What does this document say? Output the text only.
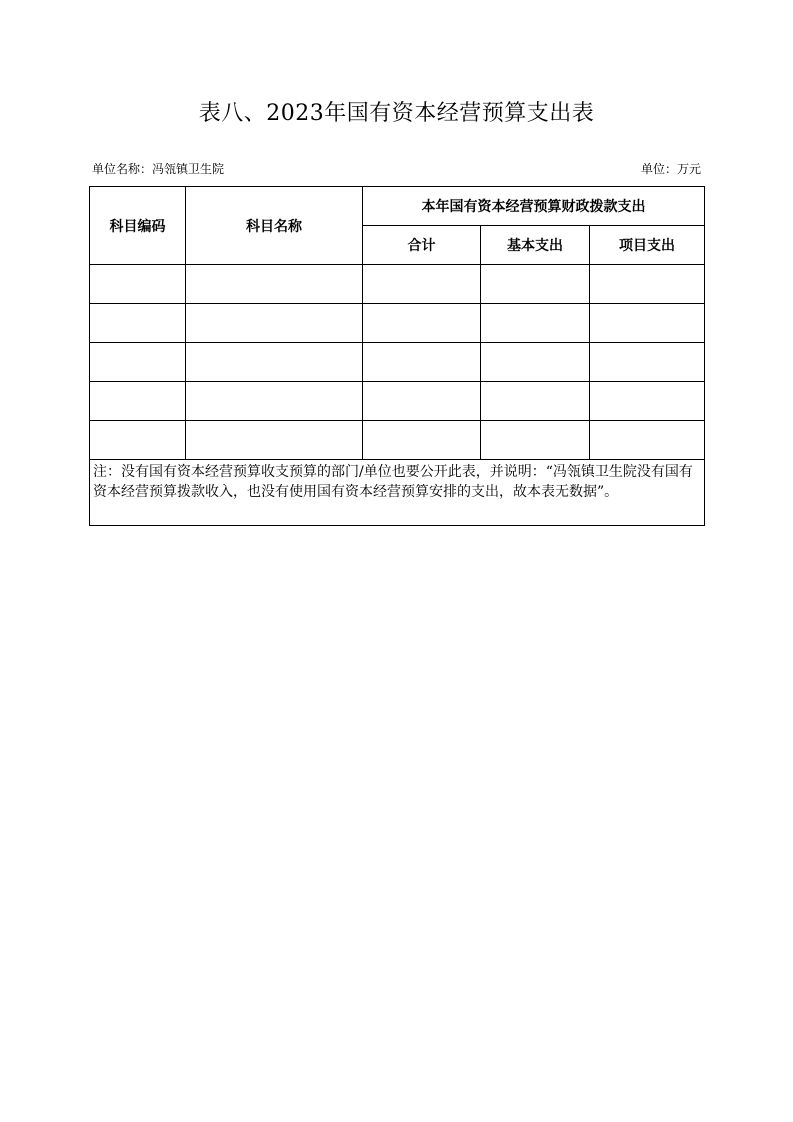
表八、2023年国有资本经营预算支出表
单位名称：冯瓴镇卫生院	单位：万元
科目编码	科目名称	本年国有资本经营预算财政拨款支出		
		合计	基本支出	项目支出

注：没有国有资本经营预算收支预算的部门/单位也要公开此表，并说明：“冯瓴镇卫生院没有国有资本经营预算拨款收入，也没有使用国有资本经营预算安排的支出，故本表无数据”。				
